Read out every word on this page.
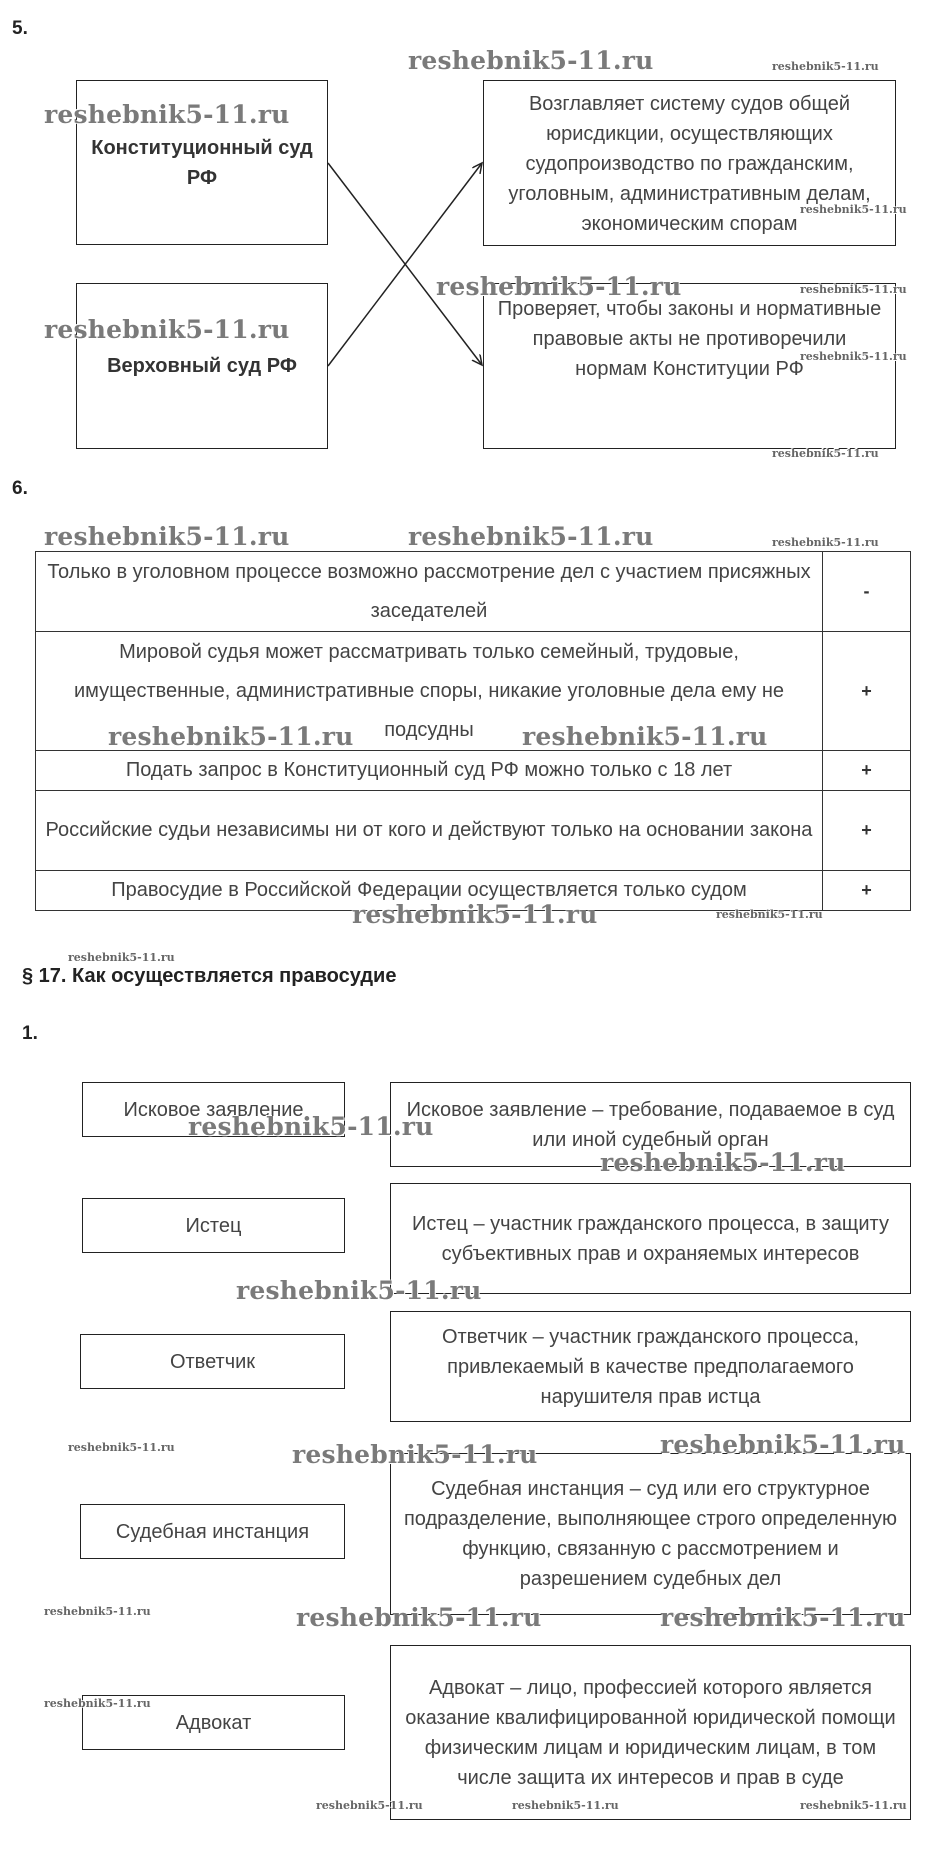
5.
Конституционный суд РФ
Верховный суд РФ
Возглавляет систему судов общей юрисдикции, осуществляющих судопроизводство по гражданским, уголовным, административным делам, экономическим спорам
Проверяет, чтобы законы и нормативные правовые акты не противоречили нормам Конституции РФ
6.
Только в уголовном процессе возможно рассмотрение дел с участием присяжных заседателей	-
Мировой судья может рассматривать только семейный, трудовые, имущественные, административные споры, никакие уголовные дела ему не подсудны	+
Подать запрос в Конституционный суд РФ можно только с 18 лет	+
Российские судьи независимы ни от кого и действуют только на основании закона	+
Правосудие в Российской Федерации осуществляется только судом	+
§ 17. Как осуществляется правосудие
1.
Исковое заявление
Истец
Ответчик
Судебная инстанция
Адвокат
Исковое заявление – требование, подаваемое в суд или иной судебный орган
Истец – участник гражданского процесса, в защиту субъективных прав и охраняемых интересов
Ответчик – участник гражданского процесса, привлекаемый в качестве предполагаемого нарушителя прав истца
Судебная инстанция – суд или его структурное подразделение, выполняющее строго определенную функцию, связанную с рассмотрением и разрешением судебных дел
Адвокат – лицо, профессией которого является оказание квалифицированной юридической помощи физическим лицам и юридическим лицам, в том числе защита их интересов и прав в суде
reshebnik5-11.ru	reshebnik5-11.ru
reshebnik5-11.ru
reshebnik5-11.ru
reshebnik5-11.ru	reshebnik5-11.ru
reshebnik5-11.ru
reshebnik5-11.ru
reshebnik5-11.ru
reshebnik5-11.ru	reshebnik5-11.ru	reshebnik5-11.ru
reshebnik5-11.ru	reshebnik5-11.ru
reshebnik5-11.ru	reshebnik5-11.ru
reshebnik5-11.ru
reshebnik5-11.ru
reshebnik5-11.ru
reshebnik5-11.ru
reshebnik5-11.ru
reshebnik5-11.ru	reshebnik5-11.ru
reshebnik5-11.ru	reshebnik5-11.ru	reshebnik5-11.ru
reshebnik5-11.ru
reshebnik5-11.ru	reshebnik5-11.ru	reshebnik5-11.ru
